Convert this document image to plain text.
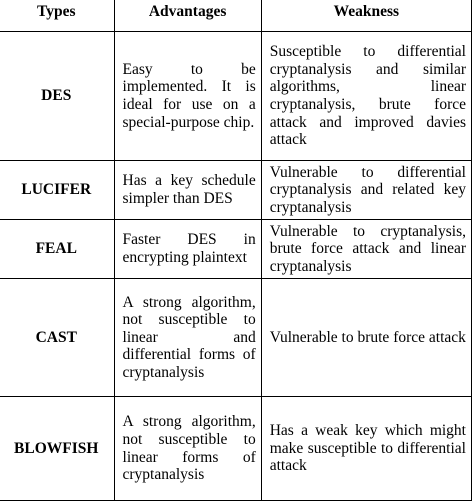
Types	Advantages	Weakness
DES	Easy to be implemented. It is ideal for use on a special-purpose chip.	Susceptible to differential cryptanalysis and similar algorithms, linear cryptanalysis, brute force attack and improved davies attack

LUCIFER	Has a key schedule simpler than DES	Vulnerable to differential cryptanalysis and related key cryptanalysis

FEAL	Faster DES in encrypting plaintext	Vulnerable to cryptanalysis, brute force attack and linear cryptanalysis

CAST	A strong algorithm, not susceptible to linear and differential forms of cryptanalysis	Vulnerable to brute force attack

BLOWFISH	A strong algorithm, not susceptible to linear forms of cryptanalysis	Has a weak key which might make susceptible to differential attack
